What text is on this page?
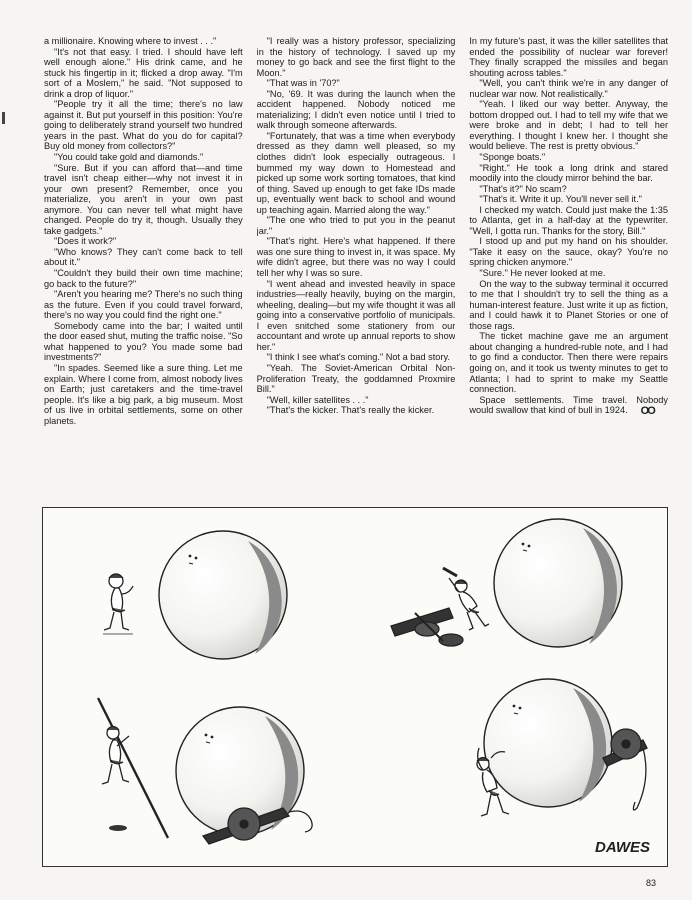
a millionaire. Knowing where to invest . . ."

"It's not that easy. I tried. I should have left well enough alone." His drink came, and he stuck his fingertip in it; flicked a drop away. "I'm sort of a Moslem," he said. "Not supposed to drink a drop of liquor."

"People try it all the time; there's no law against it. But put yourself in this position: You're going to deliberately strand yourself two hundred years in the past. What do you do for capital? Buy old money from collectors?"

"You could take gold and diamonds."

"Sure. But if you can afford that—and time travel isn't cheap either—why not invest it in your own present? Remember, once you materialize, you aren't in your own past anymore. You can never tell what might have changed. People do try it, though. Usually they take gadgets."

"Does it work?"

"Who knows? They can't come back to tell about it."

"Couldn't they build their own time machine; go back to the future?"

"Aren't you hearing me? There's no such thing as the future. Even if you could travel forward, there's no way you could find the right one."

Somebody came into the bar; I waited until the door eased shut, muting the traffic noise. "So what happened to you? You made some bad investments?"

"In spades. Seemed like a sure thing. Let me explain. Where I come from, almost nobody lives on Earth; just caretakers and the time-travel people. It's like a big park, a big museum. Most of us live in orbital settlements, some on other planets.

"I really was a history professor, specializing in the history of technology. I saved up my money to go back and see the first flight to the Moon."

"That was in '70?"

"No, '69. It was during the launch when the accident happened. Nobody noticed me materializing; I didn't even notice until I tried to walk through someone afterwards.

"Fortunately, that was a time when everybody dressed as they damn well pleased, so my clothes didn't look especially outrageous. I bummed my way down to Homestead and picked up some work sorting tomatoes, that kind of thing. Saved up enough to get fake IDs made up, eventually went back to school and wound up teaching again. Married along the way."

"The one who tried to put you in the peanut jar."

"That's right. Here's what happened. If there was one sure thing to invest in, it was space. My wife didn't agree, but there was no way I could tell her why I was so sure.

"I went ahead and invested heavily in space industries—really heavily, buying on the margin, wheeling, dealing—but my wife thought it was all going into a conservative portfolio of municipals. I even snitched some stationery from our accountant and wrote up annual reports to show her."

"I think I see what's coming." Not a bad story.

"Yeah. The Soviet-American Orbital Non-Proliferation Treaty, the goddamned Proxmire Bill."

"Well, killer satellites . . ."

"That's the kicker. That's really the kicker.

In my future's past, it was the killer satellites that ended the possibility of nuclear war forever! They finally scrapped the missiles and began shouting across tables."

"Well, you can't think we're in any danger of nuclear war now. Not realistically."

"Yeah. I liked our way better. Anyway, the bottom dropped out. I had to tell my wife that we were broke and in debt; I had to tell her everything. I thought I knew her. I thought she would believe. The rest is pretty obvious."

"Sponge boats."

"Right." He took a long drink and stared moodily into the cloudy mirror behind the bar.

"That's it?" No scam?

"That's it. Write it up. You'll never sell it."

I checked my watch. Could just make the 1:35 to Atlanta, get in a half-day at the typewriter. "Well, I gotta run. Thanks for the story, Bill."

I stood up and put my hand on his shoulder. "Take it easy on the sauce, okay? You're no spring chicken anymore."

"Sure." He never looked at me.

On the way to the subway terminal it occurred to me that I shouldn't try to sell the thing as a human-interest feature. Just write it up as fiction, and I could hawk it to Planet Stories or one of those rags.

The ticket machine gave me an argument about changing a hundred-ruble note, and I had to go find a conductor. Then there were repairs going on, and it took us twenty minutes to get to Atlanta; I had to sprint to make my Seattle connection.

Space settlements. Time travel. Nobody would swallow that kind of bull in 1924. OO

DAWES
83
